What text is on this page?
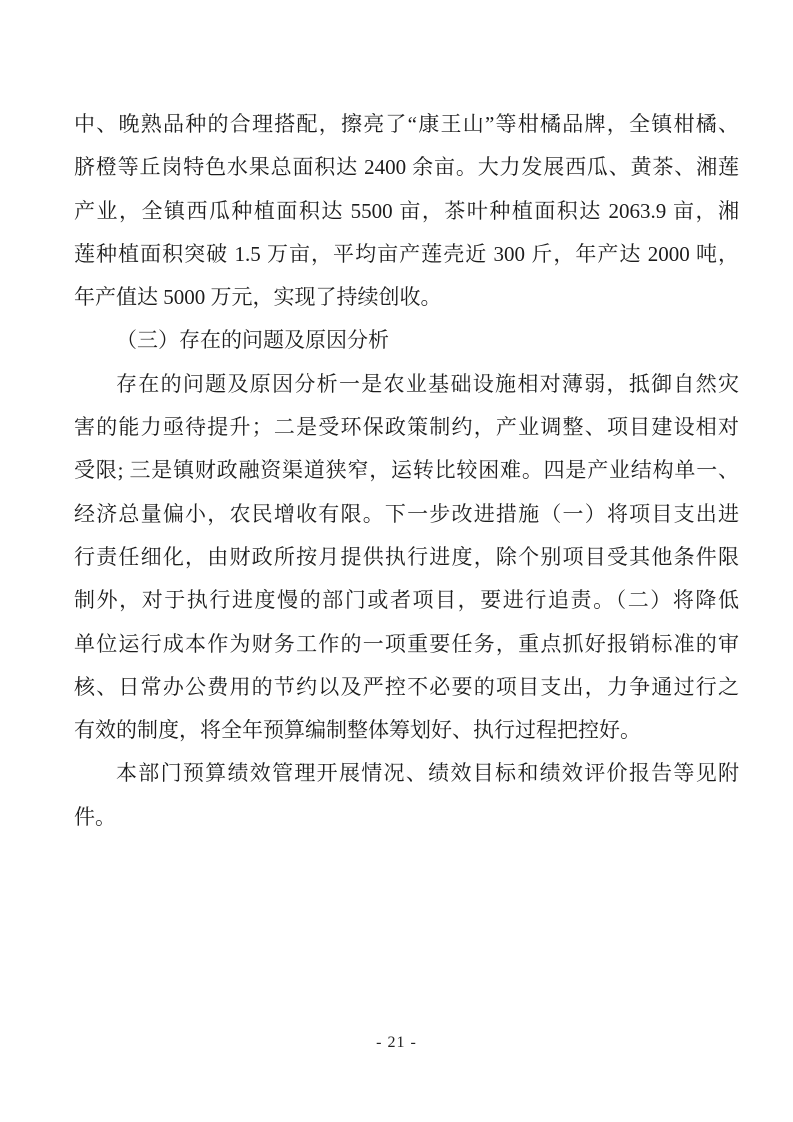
中、晚熟品种的合理搭配，擦亮了“康王山”等柑橘品牌，全镇柑橘、
脐橙等丘岗特色水果总面积达 2400 余亩。大力发展西瓜、黄茶、湘莲
产业，全镇西瓜种植面积达 5500 亩，茶叶种植面积达 2063.9 亩，湘
莲种植面积突破 1.5 万亩，平均亩产莲壳近 300 斤，年产达 2000 吨，
年产值达 5000 万元，实现了持续创收。
（三）存在的问题及原因分析
存在的问题及原因分析一是农业基础设施相对薄弱，抵御自然灾
害的能力亟待提升；二是受环保政策制约，产业调整、项目建设相对
受限; 三是镇财政融资渠道狭窄，运转比较困难。四是产业结构单一、
经济总量偏小，农民增收有限。下一步改进措施（一）将项目支出进
行责任细化，由财政所按月提供执行进度，除个别项目受其他条件限
制外，对于执行进度慢的部门或者项目，要进行追责。（二）将降低
单位运行成本作为财务工作的一项重要任务，重点抓好报销标准的审
核、日常办公费用的节约以及严控不必要的项目支出，力争通过行之
有效的制度，将全年预算编制整体筹划好、执行过程把控好。
本部门预算绩效管理开展情况、绩效目标和绩效评价报告等见附
件。
- 21 -
